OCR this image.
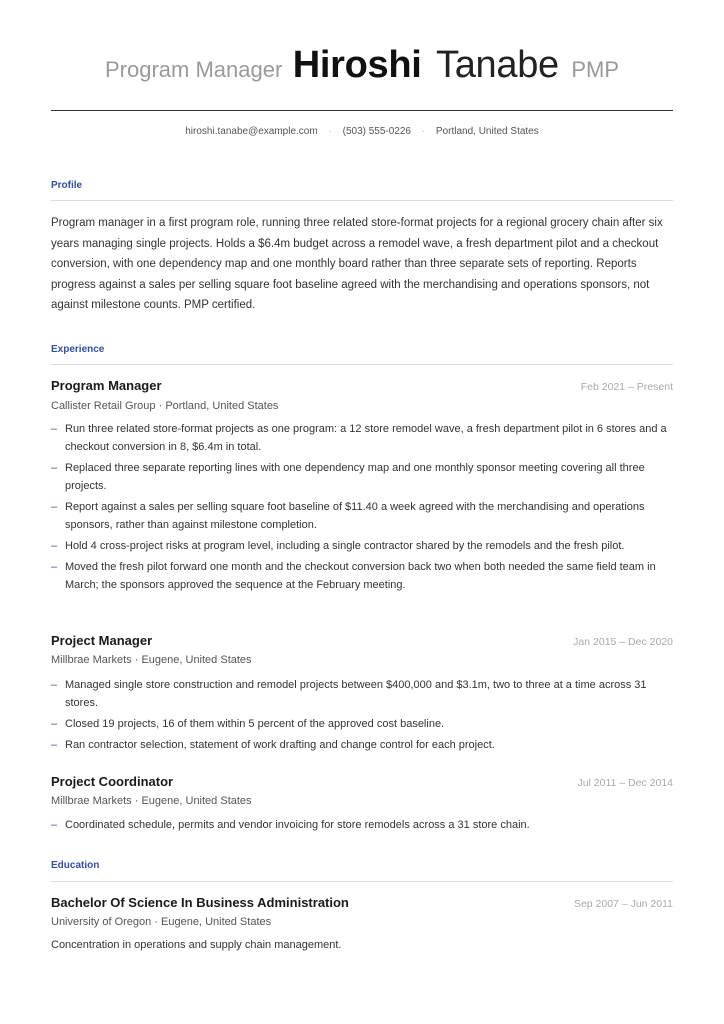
Program Manager Hiroshi Tanabe PMP
hiroshi.tanabe@example.com · (503) 555-0226 · Portland, United States
Profile
Program manager in a first program role, running three related store-format projects for a regional grocery chain after six years managing single projects. Holds a $6.4m budget across a remodel wave, a fresh department pilot and a checkout conversion, with one dependency map and one monthly board rather than three separate sets of reporting. Reports progress against a sales per selling square foot baseline agreed with the merchandising and operations sponsors, not against milestone counts. PMP certified.
Experience
Program Manager	Feb 2021 – Present
Callister Retail Group · Portland, United States
– Run three related store-format projects as one program: a 12 store remodel wave, a fresh department pilot in 6 stores and a checkout conversion in 8, $6.4m in total.
– Replaced three separate reporting lines with one dependency map and one monthly sponsor meeting covering all three projects.
– Report against a sales per selling square foot baseline of $11.40 a week agreed with the merchandising and operations sponsors, rather than against milestone completion.
– Hold 4 cross-project risks at program level, including a single contractor shared by the remodels and the fresh pilot.
– Moved the fresh pilot forward one month and the checkout conversion back two when both needed the same field team in March; the sponsors approved the sequence at the February meeting.
Project Manager	Jan 2015 – Dec 2020
Millbrae Markets · Eugene, United States
– Managed single store construction and remodel projects between $400,000 and $3.1m, two to three at a time across 31 stores.
– Closed 19 projects, 16 of them within 5 percent of the approved cost baseline.
– Ran contractor selection, statement of work drafting and change control for each project.
Project Coordinator	Jul 2011 – Dec 2014
Millbrae Markets · Eugene, United States
– Coordinated schedule, permits and vendor invoicing for store remodels across a 31 store chain.
Education
Bachelor Of Science In Business Administration	Sep 2007 – Jun 2011
University of Oregon · Eugene, United States
Concentration in operations and supply chain management.
